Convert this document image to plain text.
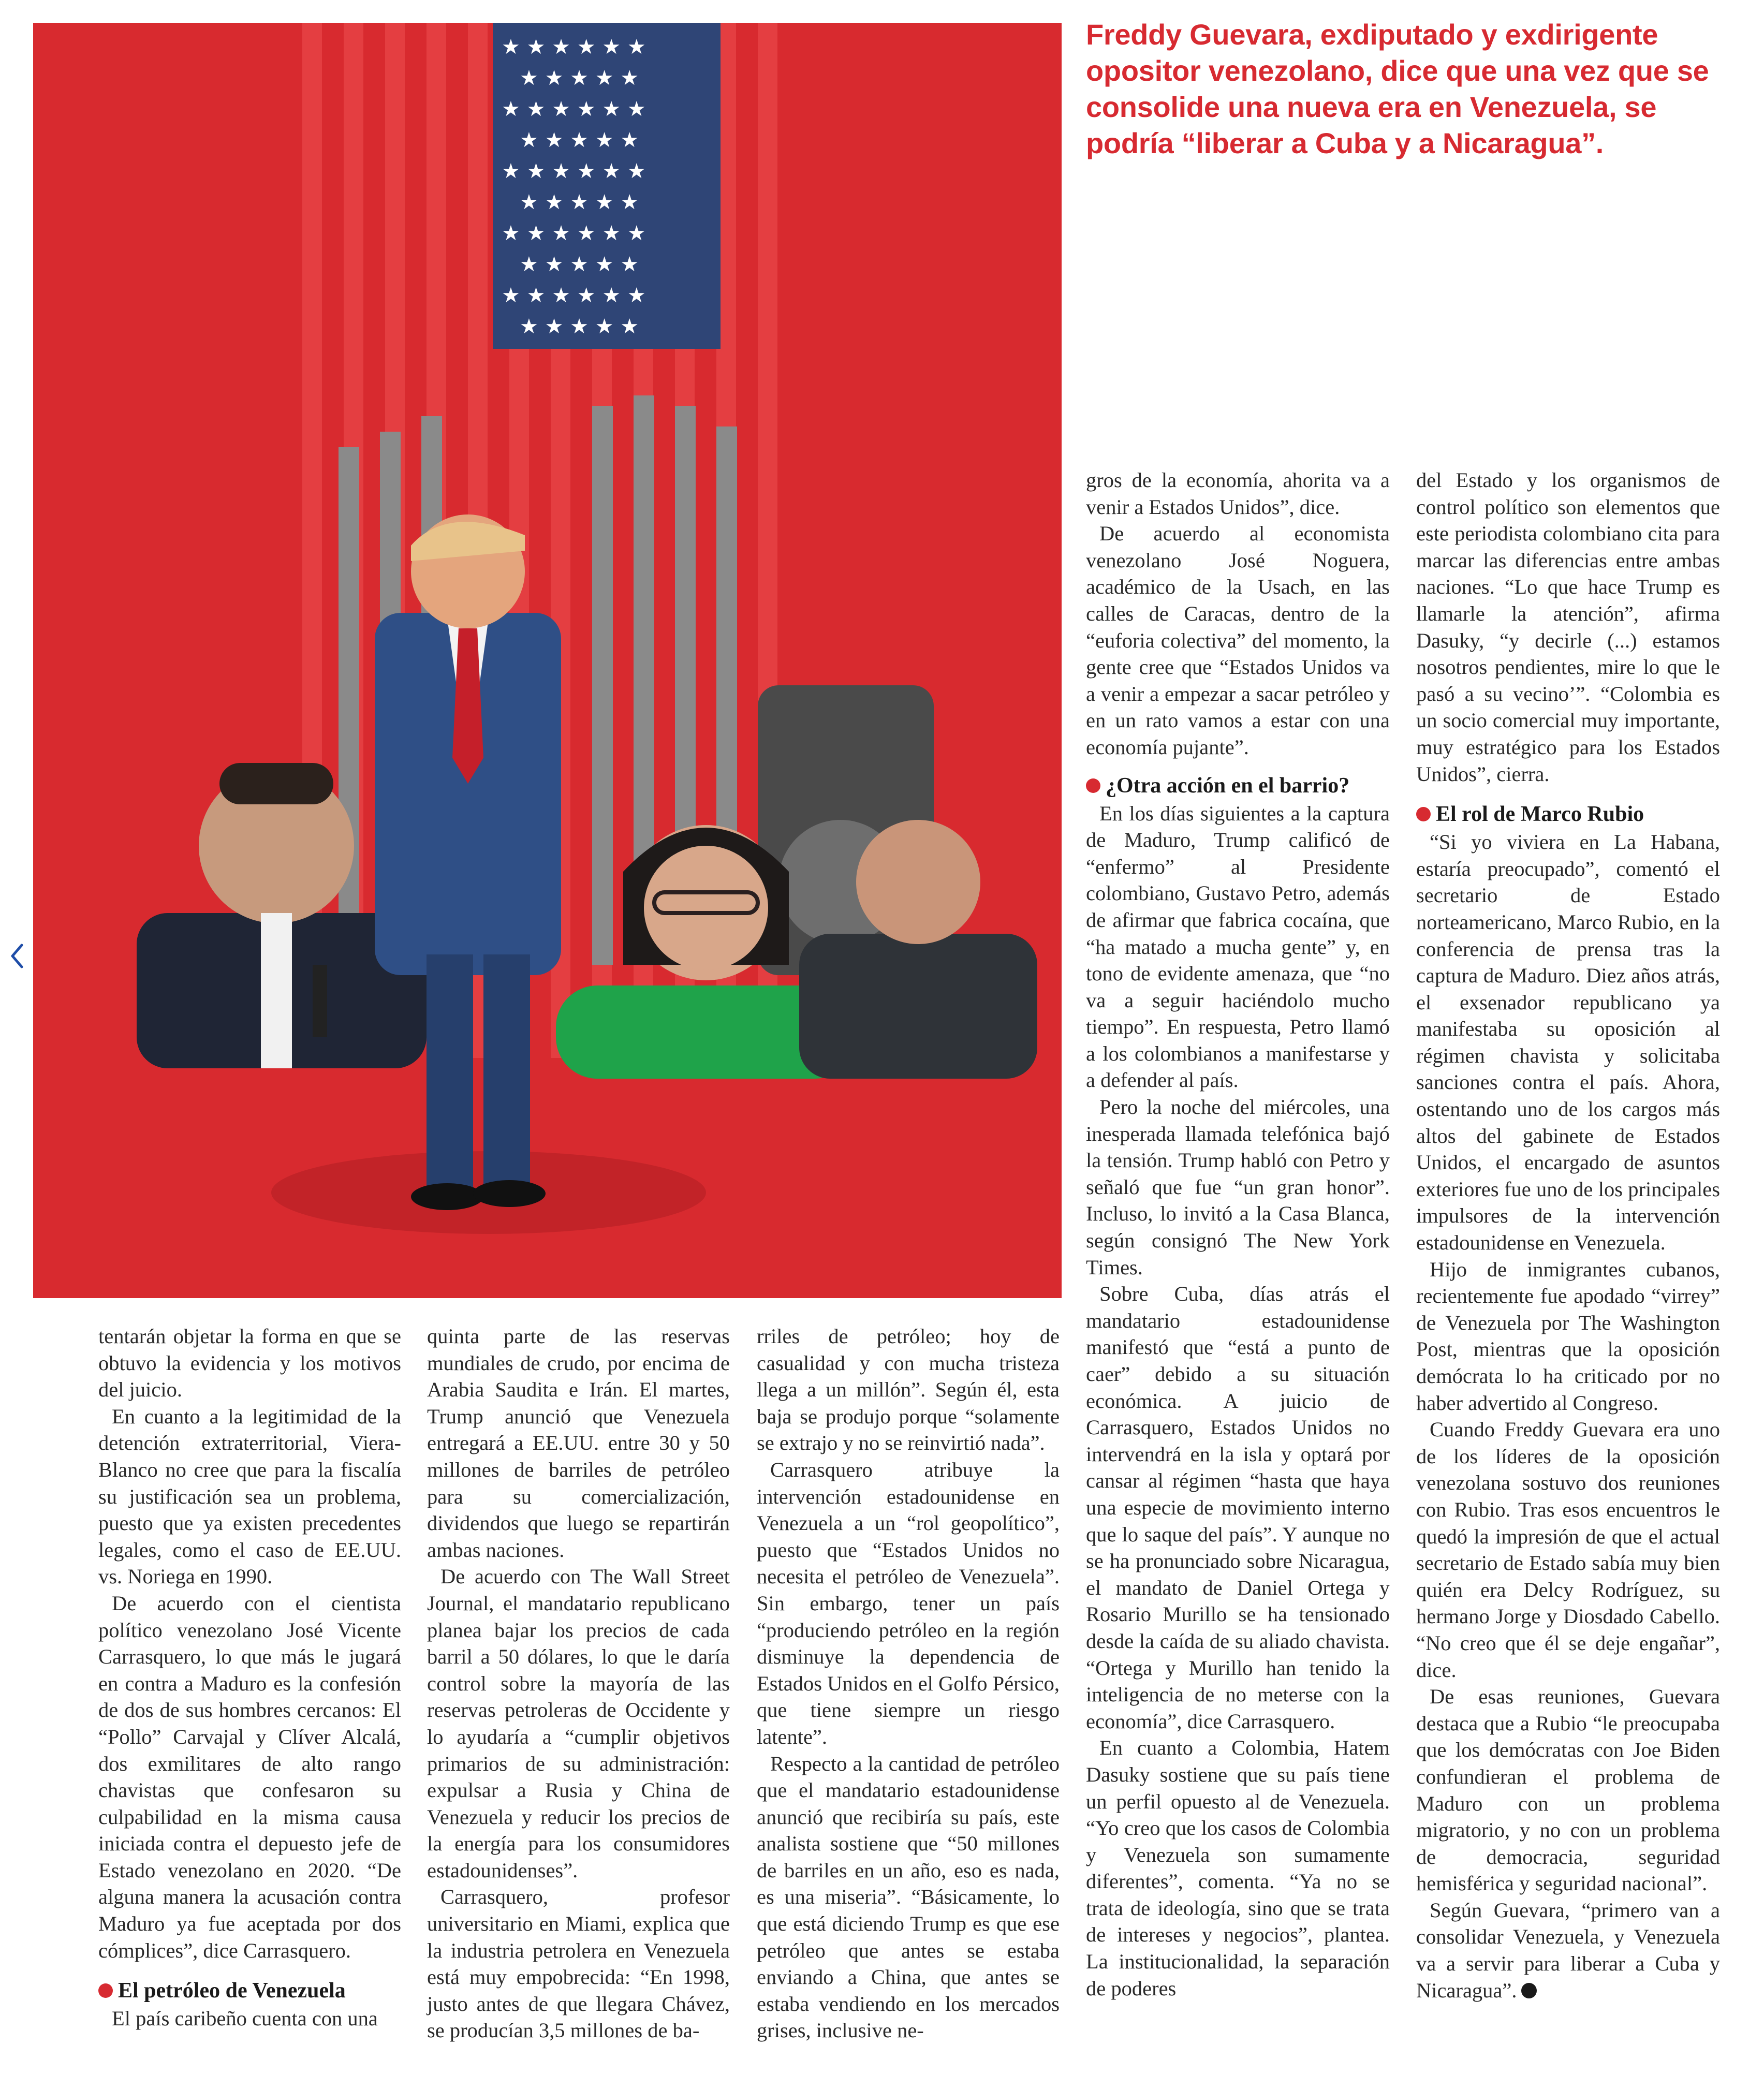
★ ★ ★ ★ ★ ★
★ ★ ★ ★ ★
★ ★ ★ ★ ★ ★
★ ★ ★ ★ ★
★ ★ ★ ★ ★ ★
★ ★ ★ ★ ★
★ ★ ★ ★ ★ ★
★ ★ ★ ★ ★
★ ★ ★ ★ ★ ★
★ ★ ★ ★ ★

Freddy Guevara, exdiputado y exdirigente opositor venezolano, dice que una vez que se consolide una nueva era en Venezuela, se podría “liberar a Cuba y a Nicaragua”.

tentarán objetar la forma en que se obtuvo la evidencia y los motivos del juicio.

En cuanto a la legitimidad de la detención extraterritorial, Viera-Blanco no cree que para la fiscalía su justificación sea un problema, puesto que ya existen precedentes legales, como el caso de EE.UU. vs. Noriega en 1990.

De acuerdo con el cientista político venezolano José Vicente Carrasquero, lo que más le jugará en contra a Maduro es la confesión de dos de sus hombres cercanos: El “Pollo” Carvajal y Clíver Alcalá, dos exmilitares de alto rango chavistas que confesaron su culpabilidad en la misma causa iniciada contra el depuesto jefe de Estado venezolano en 2020. “De alguna manera la acusación contra Maduro ya fue aceptada por dos cómplices”, dice Carrasquero.

El petróleo de Venezuela

El país caribeño cuenta con una

quinta parte de las reservas mundiales de crudo, por encima de Arabia Saudita e Irán. El martes, Trump anunció que Venezuela entregará a EE.UU. entre 30 y 50 millones de barriles de petróleo para su comercialización, dividendos que luego se repartirán ambas naciones.

De acuerdo con The Wall Street Journal, el mandatario republicano planea bajar los precios de cada barril a 50 dólares, lo que le daría control sobre la mayoría de las reservas petroleras de Occidente y lo ayudaría a “cumplir objetivos primarios de su administración: expulsar a Rusia y China de Venezuela y reducir los precios de la energía para los consumidores estadounidenses”.

Carrasquero, profesor universitario en Miami, explica que la industria petrolera en Venezuela está muy empobrecida: “En 1998, justo antes de que llegara Chávez, se producían 3,5 millones de ba-

rriles de petróleo; hoy de casualidad y con mucha tristeza llega a un millón”. Según él, esta baja se produjo porque “solamente se extrajo y no se reinvirtió nada”.

Carrasquero atribuye la intervención estadounidense en Venezuela a un “rol geopolítico”, puesto que “Estados Unidos no necesita el petróleo de Venezuela”. Sin embargo, tener un país “produciendo petróleo en la región disminuye la dependencia de Estados Unidos en el Golfo Pérsico, que tiene siempre un riesgo latente”.

Respecto a la cantidad de petróleo que el mandatario estadounidense anunció que recibiría su país, este analista sostiene que “50 millones de barriles en un año, eso es nada, es una miseria”. “Básicamente, lo que está diciendo Trump es que ese petróleo que antes se estaba enviando a China, que antes se estaba vendiendo en los mercados grises, inclusive ne-

gros de la economía, ahorita va a venir a Estados Unidos”, dice.

De acuerdo al economista venezolano José Noguera, académico de la Usach, en las calles de Caracas, dentro de la “euforia colectiva” del momento, la gente cree que “Estados Unidos va a venir a empezar a sacar petróleo y en un rato vamos a estar con una economía pujante”.

¿Otra acción en el barrio?

En los días siguientes a la captura de Maduro, Trump calificó de “enfermo” al Presidente colombiano, Gustavo Petro, además de afirmar que fabrica cocaína, que “ha matado a mucha gente” y, en tono de evidente amenaza, que “no va a seguir haciéndolo mucho tiempo”. En respuesta, Petro llamó a los colombianos a manifestarse y a defender al país.

Pero la noche del miércoles, una inesperada llamada telefónica bajó la tensión. Trump habló con Petro y señaló que fue “un gran honor”. Incluso, lo invitó a la Casa Blanca, según consignó The New York Times.

Sobre Cuba, días atrás el mandatario estadounidense manifestó que “está a punto de caer” debido a su situación económica. A juicio de Carrasquero, Estados Unidos no intervendrá en la isla y optará por cansar al régimen “hasta que haya una especie de movimiento interno que lo saque del país”. Y aunque no se ha pronunciado sobre Nicaragua, el mandato de Daniel Ortega y Rosario Murillo se ha tensionado desde la caída de su aliado chavista. “Ortega y Murillo han tenido la inteligencia de no meterse con la economía”, dice Carrasquero.

En cuanto a Colombia, Hatem Dasuky sostiene que su país tiene un perfil opuesto al de Venezuela. “Yo creo que los casos de Colombia y Venezuela son sumamente diferentes”, comenta. “Ya no se trata de ideología, sino que se trata de intereses y negocios”, plantea. La institucionalidad, la separación de poderes

del Estado y los organismos de control político son elementos que este periodista colombiano cita para marcar las diferencias entre ambas naciones. “Lo que hace Trump es llamarle la atención”, afirma Dasuky, “y decirle (...) estamos nosotros pendientes, mire lo que le pasó a su vecino’”. “Colombia es un socio comercial muy importante, muy estratégico para los Estados Unidos”, cierra.

El rol de Marco Rubio

“Si yo viviera en La Habana, estaría preocupado”, comentó el secretario de Estado norteamericano, Marco Rubio, en la conferencia de prensa tras la captura de Maduro. Diez años atrás, el exsenador republicano ya manifestaba su oposición al régimen chavista y solicitaba sanciones contra el país. Ahora, ostentando uno de los cargos más altos del gabinete de Estados Unidos, el encargado de asuntos exteriores fue uno de los principales impulsores de la intervención estadounidense en Venezuela.

Hijo de inmigrantes cubanos, recientemente fue apodado “virrey” de Venezuela por The Washington Post, mientras que la oposición demócrata lo ha criticado por no haber advertido al Congreso.

Cuando Freddy Guevara era uno de los líderes de la oposición venezolana sostuvo dos reuniones con Rubio. Tras esos encuentros le quedó la impresión de que el actual secretario de Estado sabía muy bien quién era Delcy Rodríguez, su hermano Jorge y Diosdado Cabello. “No creo que él se deje engañar”, dice.

De esas reuniones, Guevara destaca que a Rubio “le preocupaba que los demócratas con Joe Biden confundieran el problema de Maduro con un problema migratorio, y no con un problema de democracia, seguridad hemisférica y seguridad nacional”.

Según Guevara, “primero van a consolidar Venezuela, y Venezuela va a servir para liberar a Cuba y Nicaragua”.
